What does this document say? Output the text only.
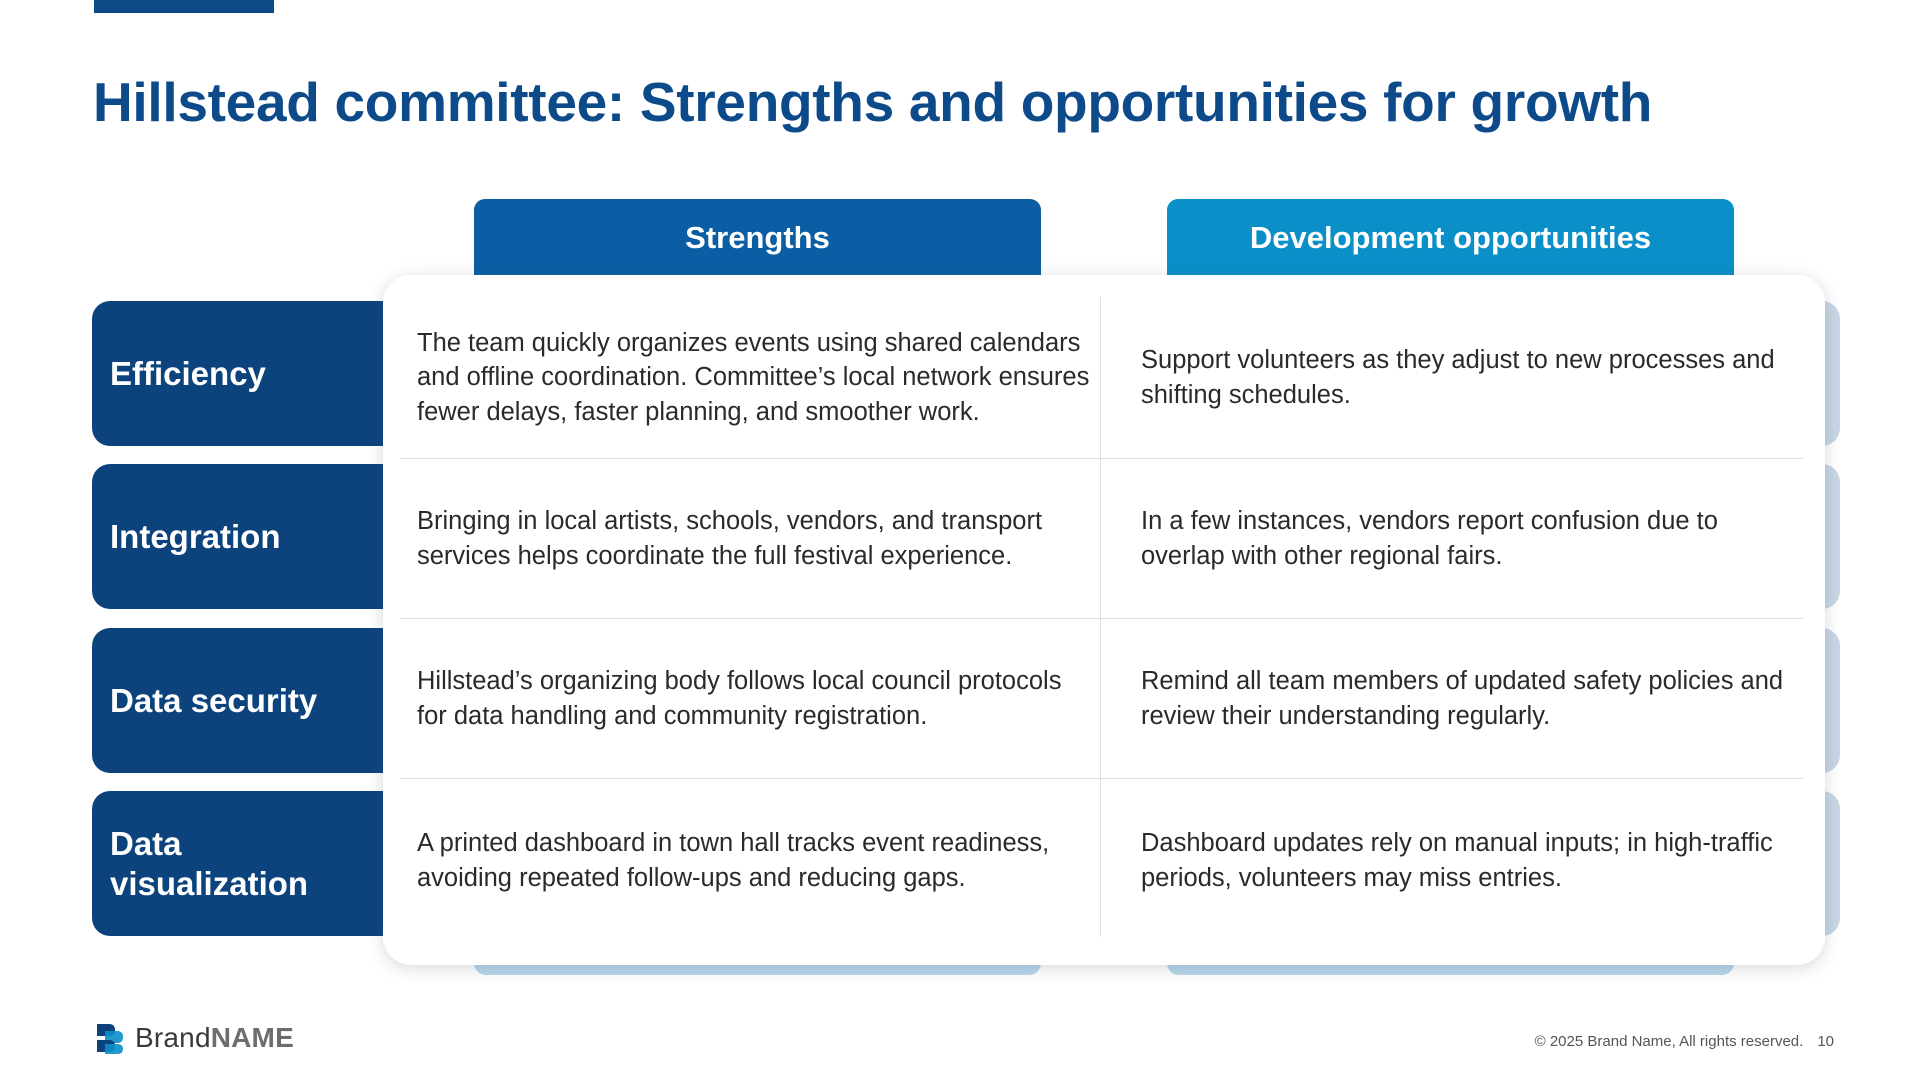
Hillstead committee: Strengths and opportunities for growth
Strengths	Development opportunities
Efficiency
Integration
Data security
Data visualization
The team quickly organizes events using shared calendars and offline coordination. Committee’s local network ensures fewer delays, faster planning, and smoother work.
Support volunteers as they adjust to new processes and shifting schedules.
Bringing in local artists, schools, vendors, and transport services helps coordinate the full festival experience.
In a few instances, vendors report confusion due to overlap with other regional fairs.
Hillstead’s organizing body follows local council protocols for data handling and community registration.
Remind all team members of updated safety policies and review their understanding regularly.
A printed dashboard in town hall tracks event readiness, avoiding repeated follow-ups and reducing gaps.
Dashboard updates rely on manual inputs; in high-traffic periods, volunteers may miss entries.
BrandNAME	© 2025 Brand Name, All rights reserved. 10
